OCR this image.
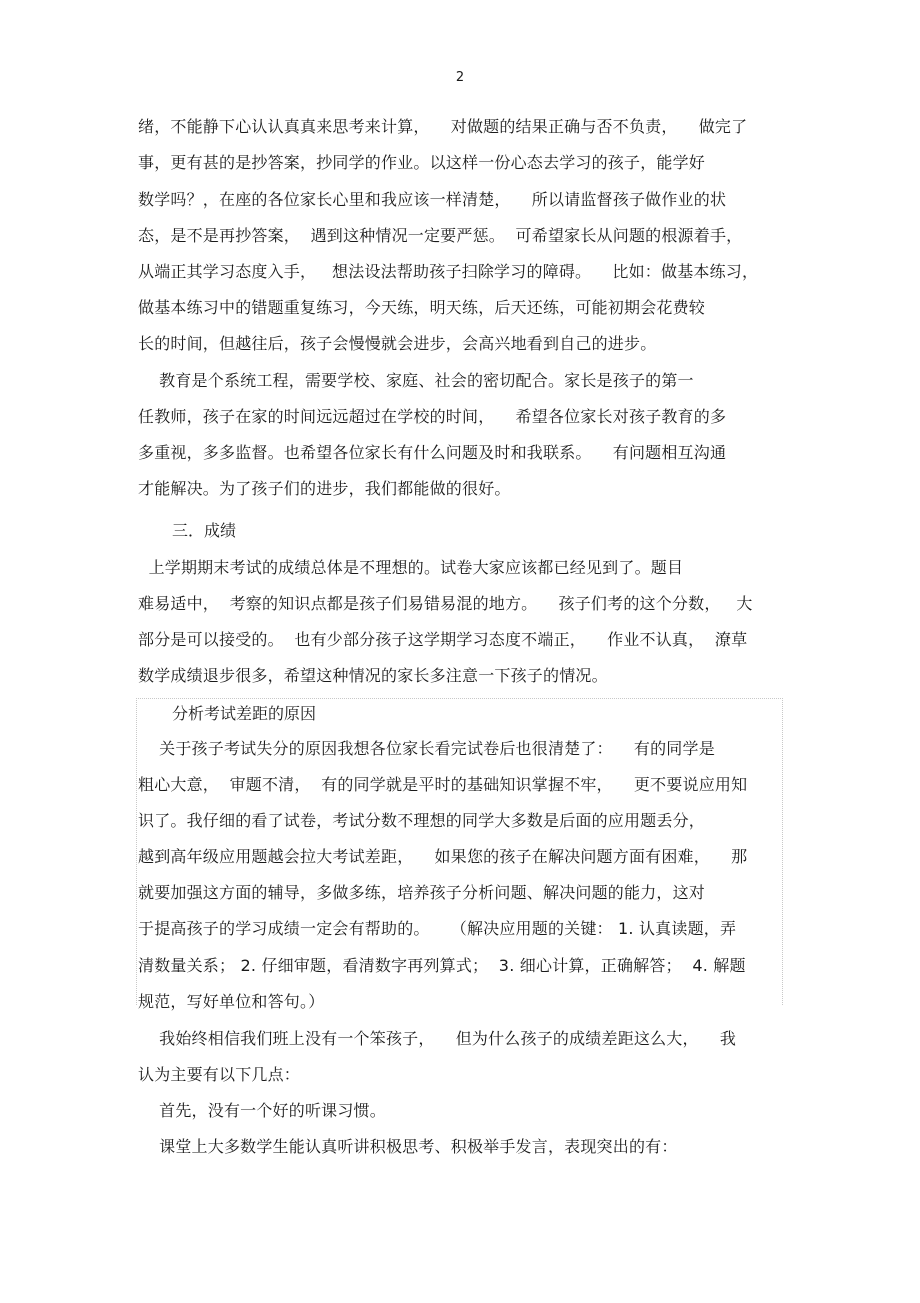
2
绪，不能静下心认认真真来思考来计算，    对做题的结果正确与否不负责，    做完了
事，更有甚的是抄答案，抄同学的作业。以这样一份心态去学习的孩子，能学好
数学吗？，在座的各位家长心里和我应该一样清楚，    所以请监督孩子做作业的状
态，是不是再抄答案，  遇到这种情况一定要严惩。  可希望家长从问题的根源着手，
从端正其学习态度入手，   想法设法帮助孩子扫除学习的障碍。    比如：做基本练习，
做基本练习中的错题重复练习，今天练，明天练，后天还练，可能初期会花费较
长的时间，但越往后，孩子会慢慢就会进步，会高兴地看到自己的进步。
教育是个系统工程，需要学校、家庭、社会的密切配合。家长是孩子的第一
任教师，孩子在家的时间远远超过在学校的时间，    希望各位家长对孩子教育的多
多重视，多多监督。也希望各位家长有什么问题及时和我联系。    有问题相互沟通
才能解决。为了孩子们的进步，我们都能做的很好。
三．成绩
上学期期末考试的成绩总体是不理想的。试卷大家应该都已经见到了。题目
难易适中，  考察的知识点都是孩子们易错易混的地方。    孩子们考的这个分数，   大
部分是可以接受的。  也有少部分孩子这学期学习态度不端正，    作业不认真，  潦草
数学成绩退步很多，希望这种情况的家长多注意一下孩子的情况。
分析考试差距的原因
关于孩子考试失分的原因我想各位家长看完试卷后也很清楚了：    有的同学是
粗心大意，  审题不清，  有的同学就是平时的基础知识掌握不牢，    更不要说应用知
识了。我仔细的看了试卷，考试分数不理想的同学大多数是后面的应用题丢分，
越到高年级应用题越会拉大考试差距，    如果您的孩子在解决问题方面有困难，    那
就要加强这方面的辅导，多做多练，培养孩子分析问题、解决问题的能力，这对
于提高孩子的学习成绩一定会有帮助的。    （解决应用题的关键： 1. 认真读题，弄
清数量关系； 2. 仔细审题，看清数字再列算式；  3. 细心计算，正确解答；  4. 解题
规范，写好单位和答句。）
我始终相信我们班上没有一个笨孩子，    但为什么孩子的成绩差距这么大，    我
认为主要有以下几点：
首先，没有一个好的听课习惯。
课堂上大多数学生能认真听讲积极思考、积极举手发言，表现突出的有：
